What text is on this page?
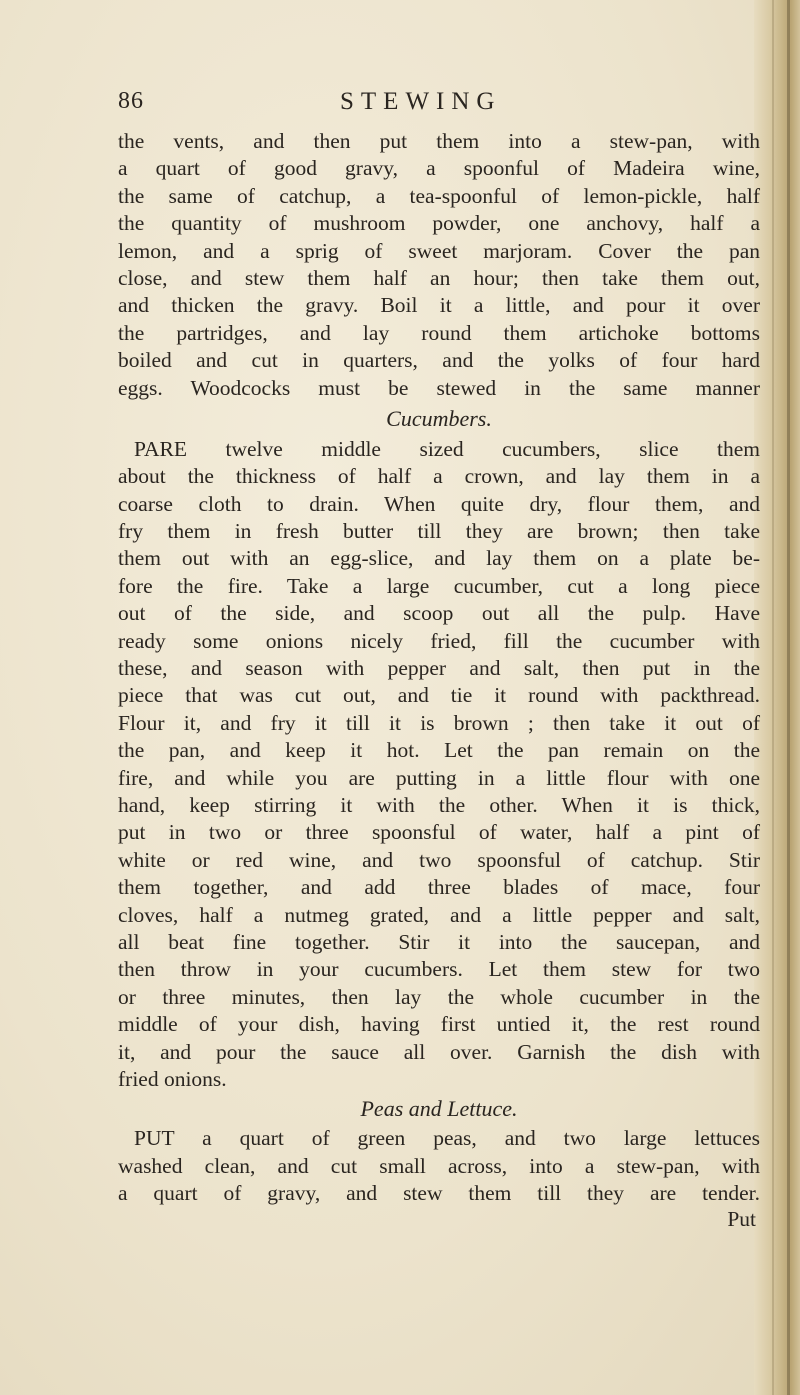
86	STEWING
the vents, and then put them into a stew-pan, with
a quart of good gravy, a spoonful of Madeira wine,
the same of catchup, a tea-spoonful of lemon-pickle, half
the quantity of mushroom powder, one anchovy, half a
lemon, and a sprig of sweet marjoram. Cover the pan
close, and stew them half an hour; then take them out,
and thicken the gravy. Boil it a little, and pour it over
the partridges, and lay round them artichoke bottoms
boiled and cut in quarters, and the yolks of four hard
eggs. Woodcocks must be stewed in the same manner
Cucumbers.
PARE twelve middle sized cucumbers, slice them
about the thickness of half a crown, and lay them in a
coarse cloth to drain. When quite dry, flour them, and
fry them in fresh butter till they are brown; then take
them out with an egg-slice, and lay them on a plate be-
fore the fire. Take a large cucumber, cut a long piece
out of the side, and scoop out all the pulp. Have
ready some onions nicely fried, fill the cucumber with
these, and season with pepper and salt, then put in the
piece that was cut out, and tie it round with packthread.
Flour it, and fry it till it is brown ; then take it out of
the pan, and keep it hot. Let the pan remain on the
fire, and while you are putting in a little flour with one
hand, keep stirring it with the other. When it is thick,
put in two or three spoonsful of water, half a pint of
white or red wine, and two spoonsful of catchup. Stir
them together, and add three blades of mace, four
cloves, half a nutmeg grated, and a little pepper and salt,
all beat fine together. Stir it into the saucepan, and
then throw in your cucumbers. Let them stew for two
or three minutes, then lay the whole cucumber in the
middle of your dish, having first untied it, the rest round
it, and pour the sauce all over. Garnish the dish with
fried onions.
Peas and Lettuce.
PUT a quart of green peas, and two large lettuces
washed clean, and cut small across, into a stew-pan, with
a quart of gravy, and stew them till they are tender.
Put
